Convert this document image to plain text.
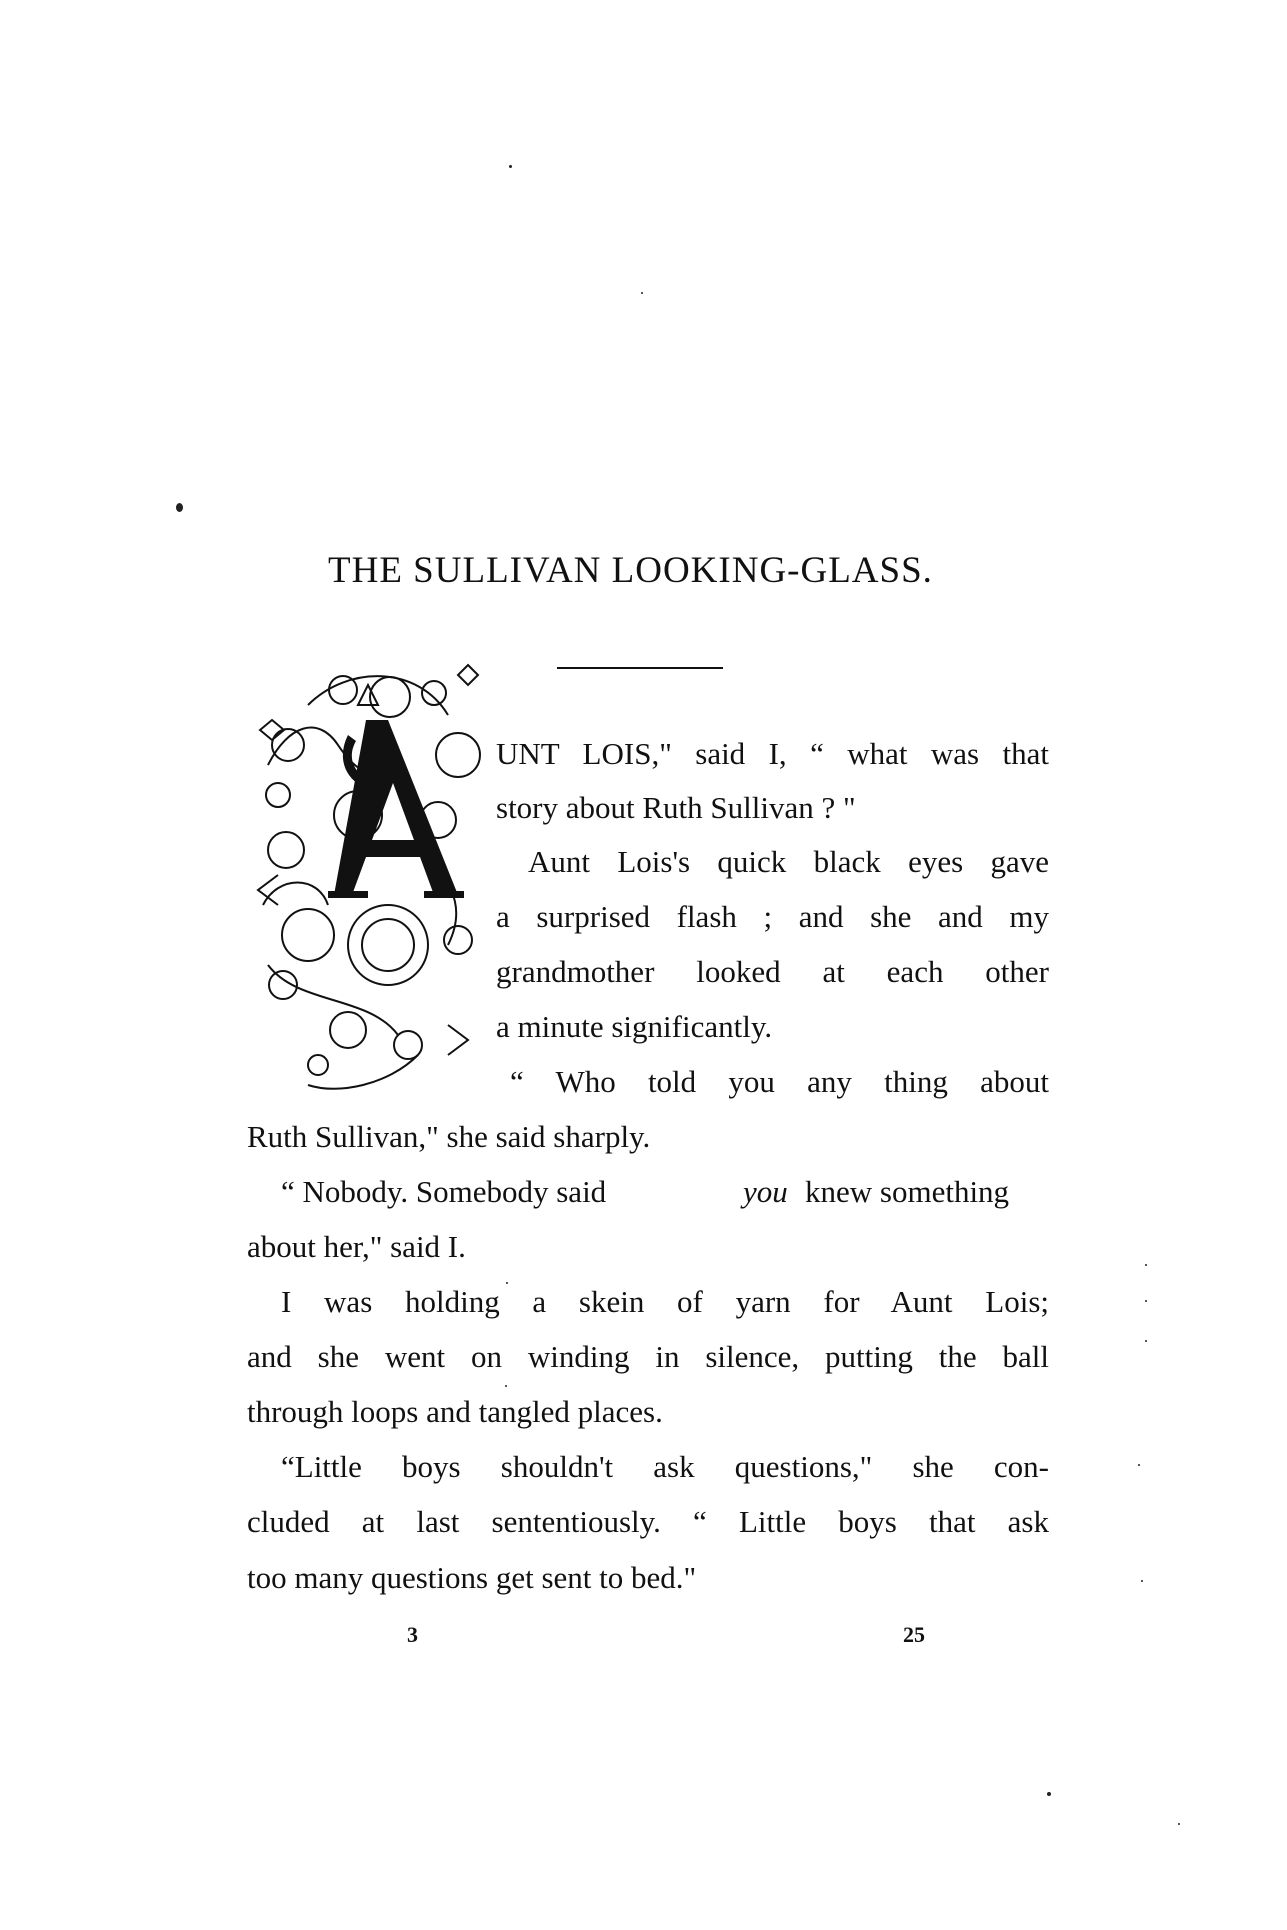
THE SULLIVAN LOOKING-GLASS.
UNT LOIS," said I, “ what was that
story about Ruth Sullivan ? "
Aunt Lois's quick black eyes gave
a surprised flash ; and she and my
grandmother looked at each other
a minute significantly.
“ Who told you any thing about
Ruth Sullivan," she said sharply.
“ Nobody. Somebody said	you knew something
about her," said I.
I was holding a skein of yarn for Aunt Lois;
and she went on winding in silence, putting the ball
through loops and tangled places.
“Little boys shouldn't ask questions," she con-
cluded at last sententiously. “ Little boys that ask
too many questions get sent to bed."
3	25
